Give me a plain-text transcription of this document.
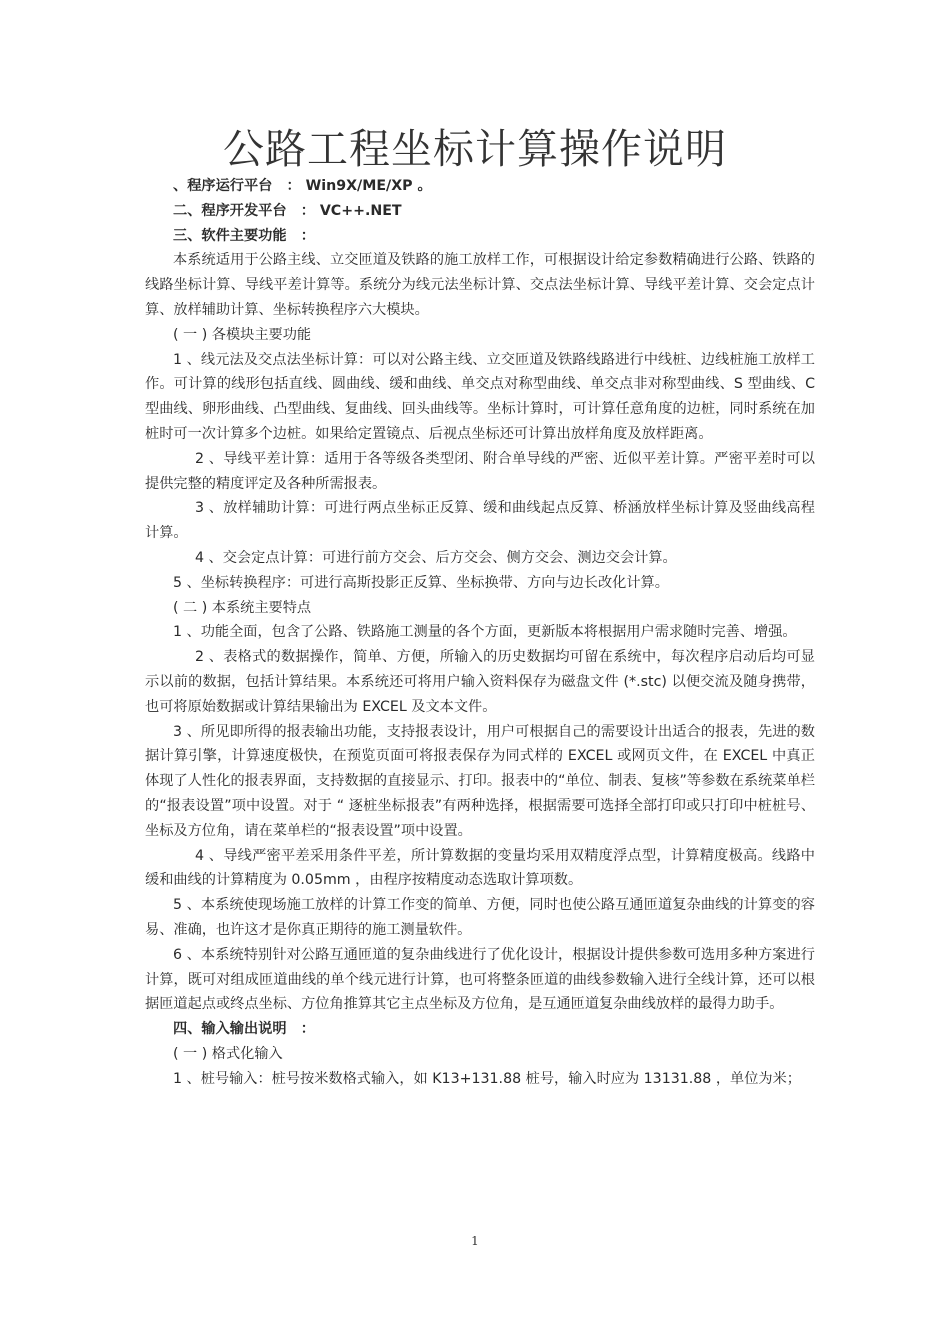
公路工程坐标计算操作说明

、程序运行平台　： Win9X/ME/XP 。

二、程序开发平台　： VC++.NET

三、软件主要功能　：

本系统适用于公路主线、立交匝道及铁路的施工放样工作，可根据设计给定参数精确进行公路、铁路的线路坐标计算、导线平差计算等。系统分为线元法坐标计算、交点法坐标计算、导线平差计算、交会定点计算、放样辅助计算、坐标转换程序六大模块。

( 一 ) 各模块主要功能

1 、线元法及交点法坐标计算：可以对公路主线、立交匝道及铁路线路进行中线桩、边线桩施工放样工作。可计算的线形包括直线、圆曲线、缓和曲线、单交点对称型曲线、单交点非对称型曲线、S 型曲线、C 型曲线、卵形曲线、凸型曲线、复曲线、回头曲线等。坐标计算时，可计算任意角度的边桩，同时系统在加桩时可一次计算多个边桩。如果给定置镜点、后视点坐标还可计算出放样角度及放样距离。

2 、导线平差计算：适用于各等级各类型闭、附合单导线的严密、近似平差计算。严密平差时可以提供完整的精度评定及各种所需报表。

3 、放样辅助计算：可进行两点坐标正反算、缓和曲线起点反算、桥涵放样坐标计算及竖曲线高程计算。

4 、交会定点计算：可进行前方交会、后方交会、侧方交会、测边交会计算。

5 、坐标转换程序：可进行高斯投影正反算、坐标换带、方向与边长改化计算。

( 二 ) 本系统主要特点

1 、功能全面，包含了公路、铁路施工测量的各个方面，更新版本将根据用户需求随时完善、增强。

2 、表格式的数据操作，简单、方便，所输入的历史数据均可留在系统中，每次程序启动后均可显示以前的数据，包括计算结果。本系统还可将用户输入资料保存为磁盘文件 (*.stc) 以便交流及随身携带，也可将原始数据或计算结果输出为 EXCEL 及文本文件。

3 、所见即所得的报表输出功能，支持报表设计，用户可根据自己的需要设计出适合的报表，先进的数据计算引擎，计算速度极快，在预览页面可将报表保存为同式样的 EXCEL 或网页文件，在 EXCEL 中真正体现了人性化的报表界面，支持数据的直接显示、打印。报表中的“单位、制表、复核”等参数在系统菜单栏的“报表设置”项中设置。对于 “ 逐桩坐标报表”有两种选择，根据需要可选择全部打印或只打印中桩桩号、坐标及方位角，请在菜单栏的“报表设置”项中设置。

4 、导线严密平差采用条件平差，所计算数据的变量均采用双精度浮点型，计算精度极高。线路中缓和曲线的计算精度为 0.05mm ，由程序按精度动态选取计算项数。

5 、本系统使现场施工放样的计算工作变的简单、方便，同时也使公路互通匝道复杂曲线的计算变的容易、准确，也许这才是你真正期待的施工测量软件。

6 、本系统特别针对公路互通匝道的复杂曲线进行了优化设计，根据设计提供参数可选用多种方案进行计算，既可对组成匝道曲线的单个线元进行计算，也可将整条匝道的曲线参数输入进行全线计算，还可以根据匝道起点或终点坐标、方位角推算其它主点坐标及方位角，是互通匝道复杂曲线放样的最得力助手。

四、输入输出说明　：

( 一 ) 格式化输入

1 、桩号输入：桩号按米数格式输入，如 K13+131.88 桩号，输入时应为 13131.88 ，单位为米；

1
